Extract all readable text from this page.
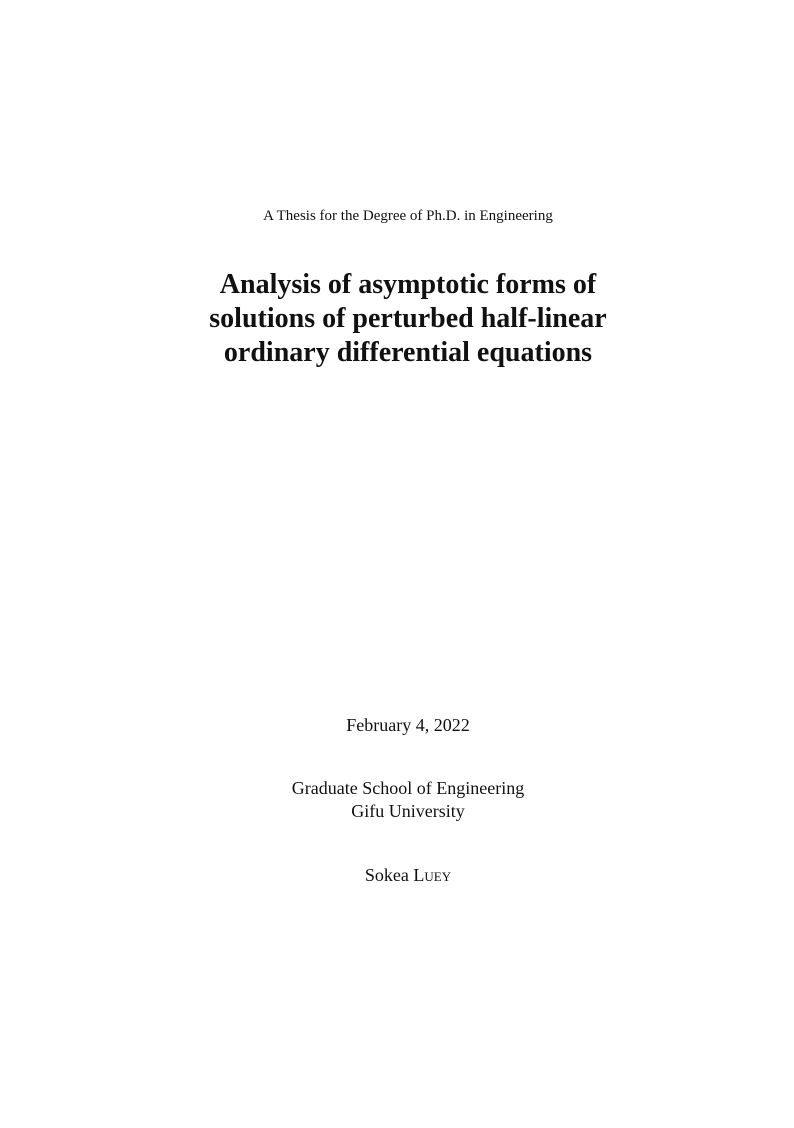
A Thesis for the Degree of Ph.D. in Engineering
Analysis of asymptotic forms of
solutions of perturbed half-linear
ordinary differential equations
February 4, 2022
Graduate School of Engineering
Gifu University
Sokea Luey
